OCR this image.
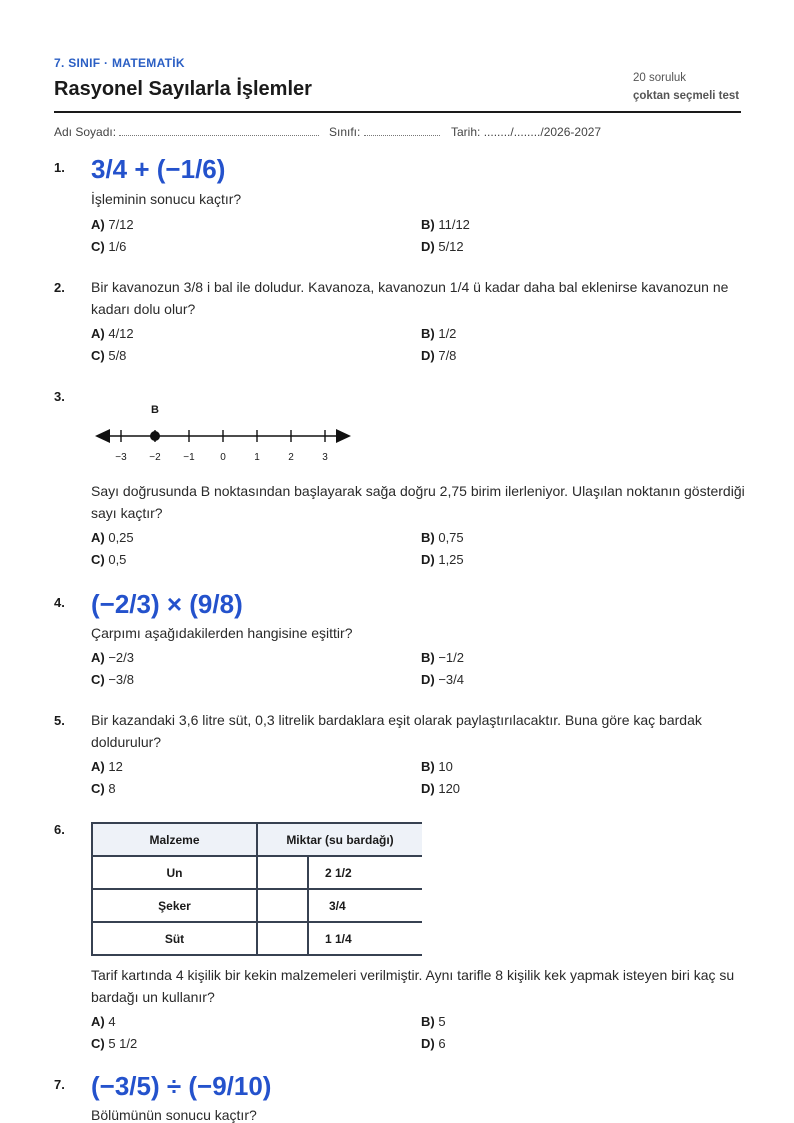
7. SINIF · MATEMATİK
Rasyonel Sayılarla İşlemler	20 soruluk
çoktan seçmeli test
Adı Soyadı:	Sınıfı:	Tarih: ......../......../2026-2027
1. 3/4 + (−1/6)
İşleminin sonucu kaçtır?
A) 7/12	B) 11/12
C) 1/6	D) 5/12
2. Bir kavanozun 3/8 i bal ile doludur. Kavanoza, kavanozun 1/4 ü kadar daha bal eklenirse kavanozun ne kadarı dolu olur?
A) 4/12	B) 1/2
C) 5/8	D) 7/8
3.
−3 −2 −1	0	1	2	3
B
Sayı doğrusunda B noktasından başlayarak sağa doğru 2,75 birim ilerleniyor. Ulaşılan noktanın gösterdiği sayı kaçtır?
A) 0,25	B) 0,75
C) 0,5	D) 1,25
4. (−2/3) × (9/8)
Çarpımı aşağıdakilerden hangisine eşittir?
A) −2/3	B) −1/2
C) −3/8	D) −3/4
5. Bir kazandaki 3,6 litre süt, 0,3 litrelik bardaklara eşit olarak paylaştırılacaktır. Buna göre kaç bardak doldurulur?
A) 12	B) 10
C) 8	D) 120
6.
Malzeme	Miktar (su bardağı)	
Un		2 1/2
Şeker		3/4
Süt		1 1/4
Tarif kartında 4 kişilik bir kekin malzemeleri verilmiştir. Aynı tarifle 8 kişilik kek yapmak isteyen biri kaç su bardağı un kullanır?
A) 4	B) 5
C) 5 1/2	D) 6
7. (−3/5) ÷ (−9/10)
Bölümünün sonucu kaçtır?
